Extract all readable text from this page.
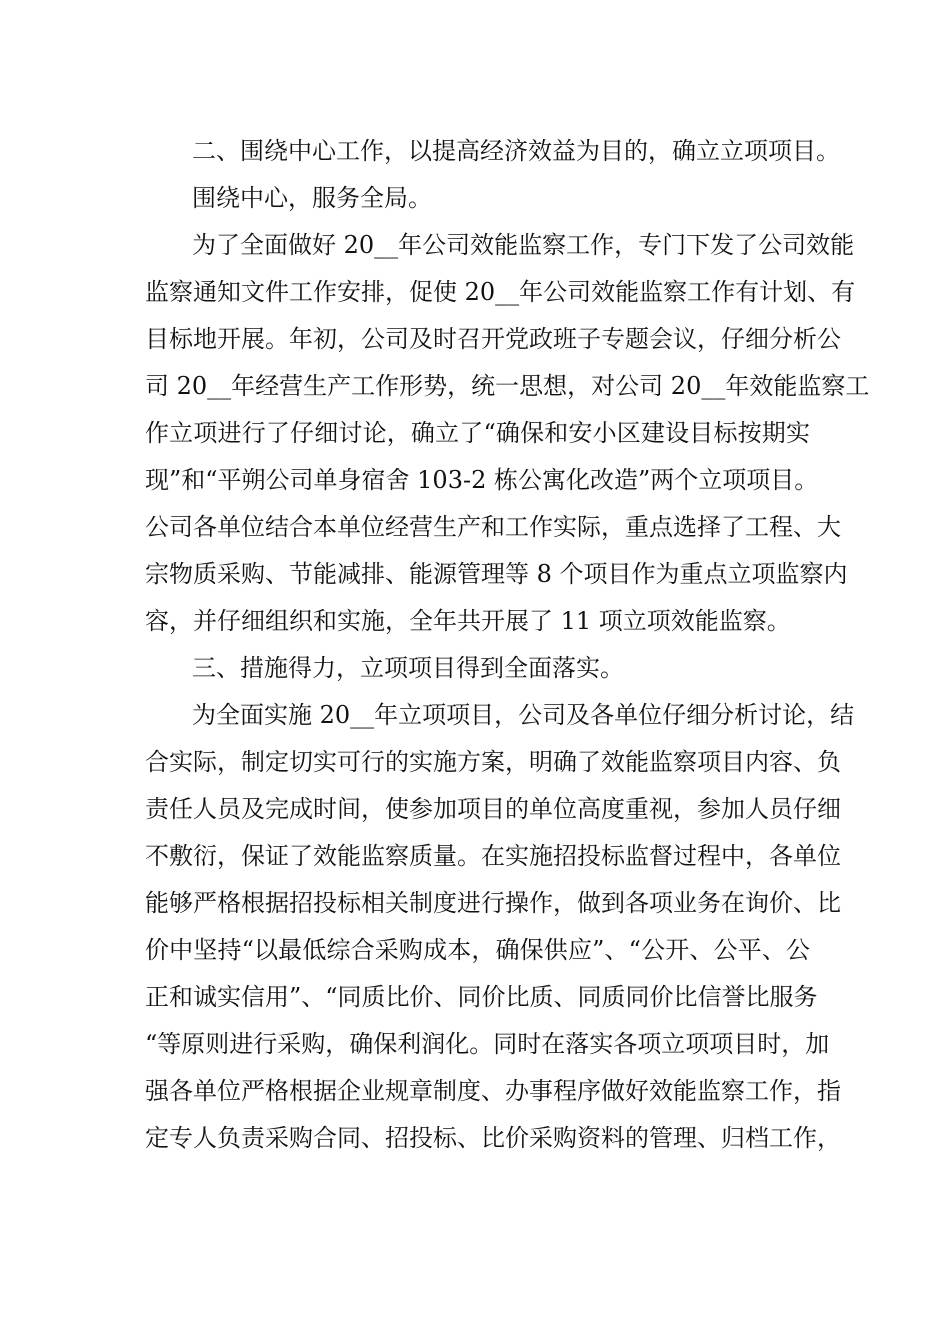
二、围绕中心工作，以提高经济效益为目的，确立立项项目。
围绕中心，服务全局。
为了全面做好 20__年公司效能监察工作，专门下发了公司效能
监察通知文件工作安排，促使 20__年公司效能监察工作有计划、有
目标地开展。年初，公司及时召开党政班子专题会议，仔细分析公
司 20__年经营生产工作形势，统一思想，对公司 20__年效能监察工
作立项进行了仔细讨论，确立了“确保和安小区建设目标按期实
现”和“平朔公司单身宿舍 103-2 栋公寓化改造”两个立项项目。
公司各单位结合本单位经营生产和工作实际，重点选择了工程、大
宗物质采购、节能减排、能源管理等 8 个项目作为重点立项监察内
容，并仔细组织和实施，全年共开展了 11 项立项效能监察。
三、措施得力，立项项目得到全面落实。
为全面实施 20__年立项项目，公司及各单位仔细分析讨论，结
合实际，制定切实可行的实施方案，明确了效能监察项目内容、负
责任人员及完成时间，使参加项目的单位高度重视，参加人员仔细
不敷衍，保证了效能监察质量。在实施招投标监督过程中，各单位
能够严格根据招投标相关制度进行操作，做到各项业务在询价、比
价中坚持“以最低综合采购成本，确保供应”、“公开、公平、公
正和诚实信用”、“同质比价、同价比质、同质同价比信誉比服务
“等原则进行采购，确保利润化。同时在落实各项立项项目时，加
强各单位严格根据企业规章制度、办事程序做好效能监察工作，指
定专人负责采购合同、招投标、比价采购资料的管理、归档工作，
